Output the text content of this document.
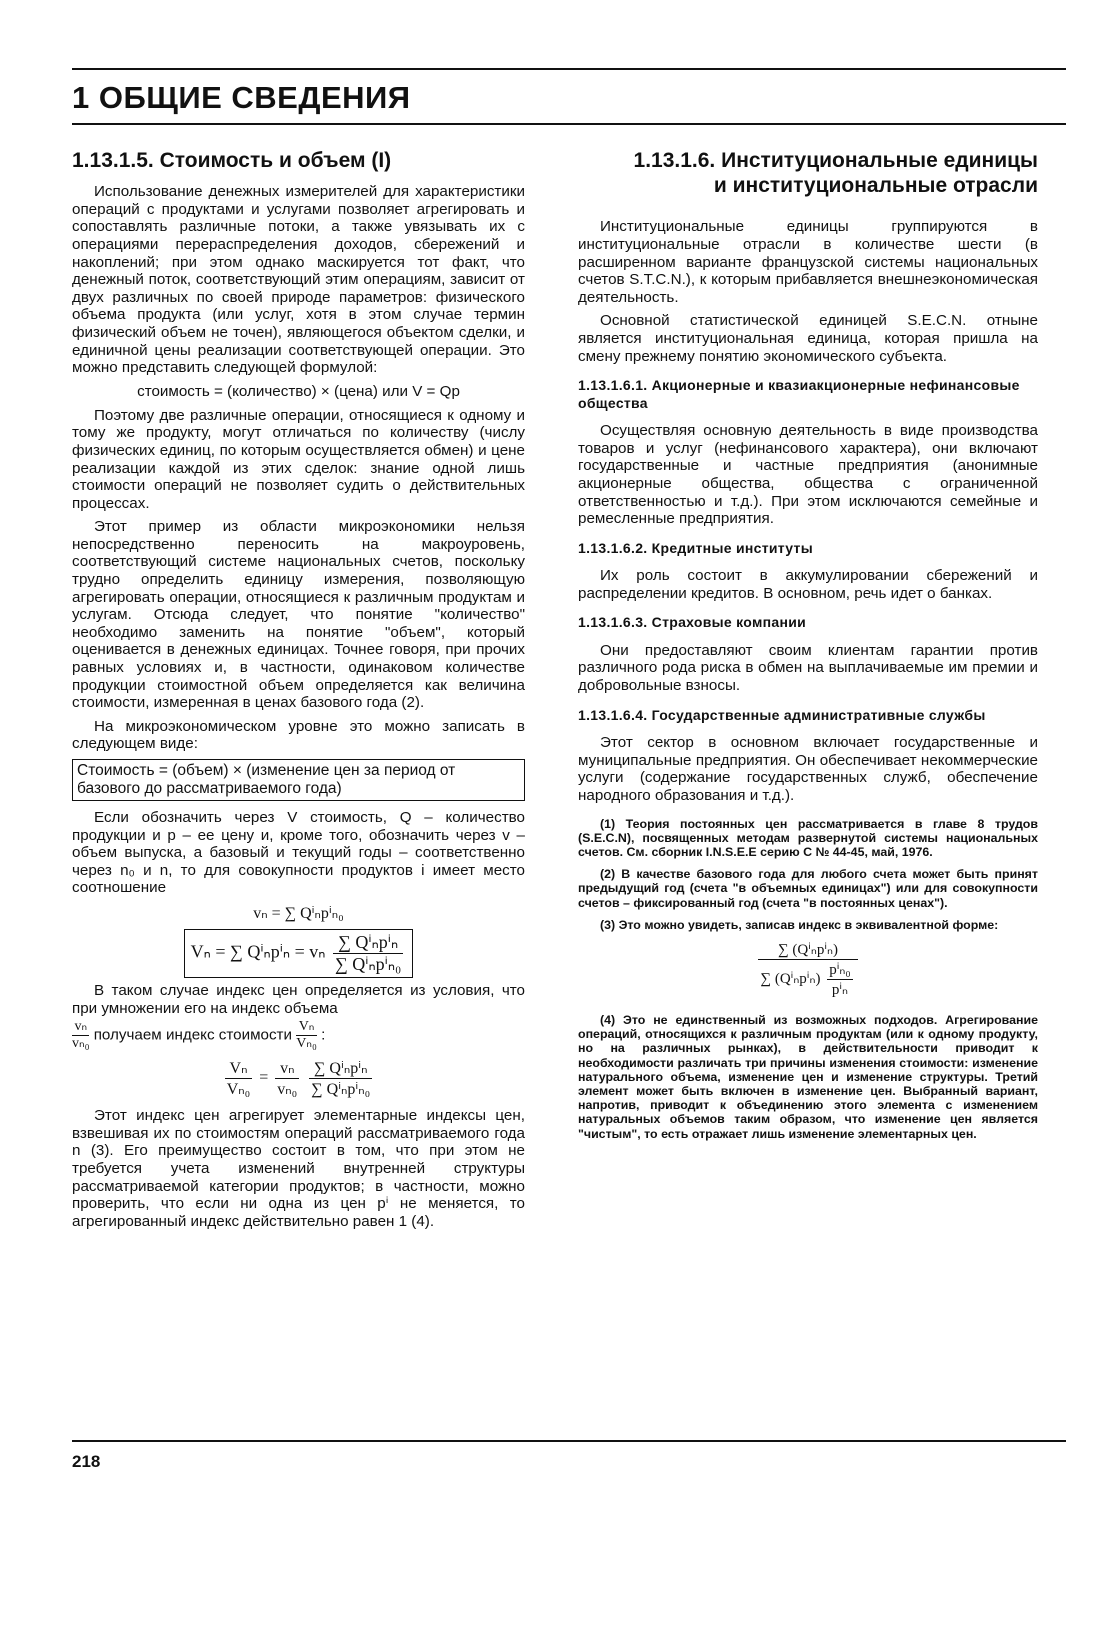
1 ОБЩИЕ СВЕДЕНИЯ
1.13.1.5. Стоимость и объем (I)

Использование денежных измерителей для характеристики операций с продуктами и услугами позволяет агрегировать и сопоставлять различные потоки, а также увязывать их с операциями перераспределения доходов, сбережений и накоплений; при этом однако маскируется тот факт, что денежный поток, соответствующий этим операциям, зависит от двух различных по своей природе параметров: физического объема продукта (или услуг, хотя в этом случае термин физический объем не точен), являющегося объектом сделки, и единичной цены реализации соответствующей операции. Это можно представить следующей формулой:

стоимость = (количество) × (цена) или V = Qp

Поэтому две различные операции, относящиеся к одному и тому же продукту, могут отличаться по количеству (числу физических единиц, по которым осуществляется обмен) и цене реализации каждой из этих сделок: знание одной лишь стоимости операций не позволяет судить о действительных процессах.

Этот пример из области микроэкономики нельзя непосредственно переносить на макроуровень, соответствующий системе национальных счетов, поскольку трудно определить единицу измерения, позволяющую агрегировать операции, относящиеся к различным продуктам и услугам. Отсюда следует, что понятие "количество" необходимо заменить на понятие "объем", который оценивается в денежных единицах. Точнее говоря, при прочих равных условиях и, в частности, одинаковом количестве продукции стоимостной объем определяется как величина стоимости, измеренная в ценах базового года (2).

На микроэкономическом уровне это можно записать в следующем виде:

Стоимость = (объем) × (изменение цен за период от базового до рассматриваемого года)

Если обозначить через V стоимость, Q – количество продукции и p – ее цену и, кроме того, обозначить через v – объем выпуска, а базовый и текущий годы – соответственно через n₀ и n, то для совокупности продуктов i имеет место соотношение

vₙ = ∑ Qⁱₙpⁱₙ₀
Vₙ = ∑ Qⁱₙpⁱₙ = vₙ $\frac{\text{∑ Qⁱₙpⁱₙ}}{\text{∑ Qⁱₙpⁱₙ₀}}$

В таком случае индекс цен определяется из условия, что при умножении его на индекс объема

$\frac{\text{vₙ}}{\text{vₙ₀}}$ получаем индекс стоимости $\frac{\text{Vₙ}}{\text{Vₙ₀}}$ :
$\frac{\text{Vₙ}}{\text{Vₙ₀}} = \frac{\text{vₙ}}{\text{vₙ₀}}$
$\frac{\text{∑ Qⁱₙpⁱₙ}}{\text{∑ Qⁱₙpⁱₙ₀}}$

Этот индекс цен агрегирует элементарные индексы цен, взвешивая их по стоимостям операций рассматриваемого года n (3). Его преимущество состоит в том, что при этом не требуется учета изменений внутренней структуры рассматриваемой категории продуктов; в частности, можно проверить, что если ни одна из цен pⁱ не меняется, то агрегированный индекс действительно равен 1 (4).

1.13.1.6. Институциональные единицы
и институциональные отрасли

Институциональные единицы группируются в институциональные отрасли в количестве шести (в расширенном варианте французской системы национальных счетов S.T.C.N.), к которым прибавляется внешнеэкономическая деятельность.

Основной статистической единицей S.E.C.N. отныне является институциональная единица, которая пришла на смену прежнему понятию экономического субъекта.

1.13.1.6.1. Акционерные и квазиакционерные нефинансовые общества

Осуществляя основную деятельность в виде производства товаров и услуг (нефинансового характера), они включают государственные и частные предприятия (анонимные акционерные общества, общества с ограниченной ответственностью и т.д.). При этом исключаются семейные и ремесленные предприятия.

1.13.1.6.2. Кредитные институты

Их роль состоит в аккумулировании сбережений и распределении кредитов. В основном, речь идет о банках.

1.13.1.6.3. Страховые компании

Они предоставляют своим клиентам гарантии против различного рода риска в обмен на выплачиваемые им премии и добровольные взносы.

1.13.1.6.4. Государственные административные службы

Этот сектор в основном включает государственные и муниципальные предприятия. Он обеспечивает некоммерческие услуги (содержание государственных служб, обеспечение народного образования и т.д.).

(1) Теория постоянных цен рассматривается в главе 8 трудов (S.E.C.N), посвященных методам развернутой системы национальных счетов. См. сборник I.N.S.E.E серию C № 44-45, май, 1976.

(2) В качестве базового года для любого счета может быть принят предыдущий год (счета "в объемных единицах") или для совокупности счетов – фиксированный год (счета "в постоянных ценах").

(3) Это можно увидеть, записав индекс в эквивалентной форме:

$\frac{\text{∑ (Qⁱₙpⁱₙ)}}{\sum (Q^i_np^i_n) \frac{\text{pⁱₙ₀}}{\text{pⁱₙ}}}$

(4) Это не единственный из возможных подходов. Агрегирование операций, относящихся к различным продуктам (или к одному продукту, но на различных рынках), в действительности приводит к необходимости различать три причины изменения стоимости: изменение натурального объема, изменение цен и изменение структуры. Третий элемент может быть включен в изменение цен. Выбранный вариант, напротив, приводит к объединению этого элемента с изменением натуральных объемов таким образом, что изменение цен является "чистым", то есть отражает лишь изменение элементарных цен.

218
